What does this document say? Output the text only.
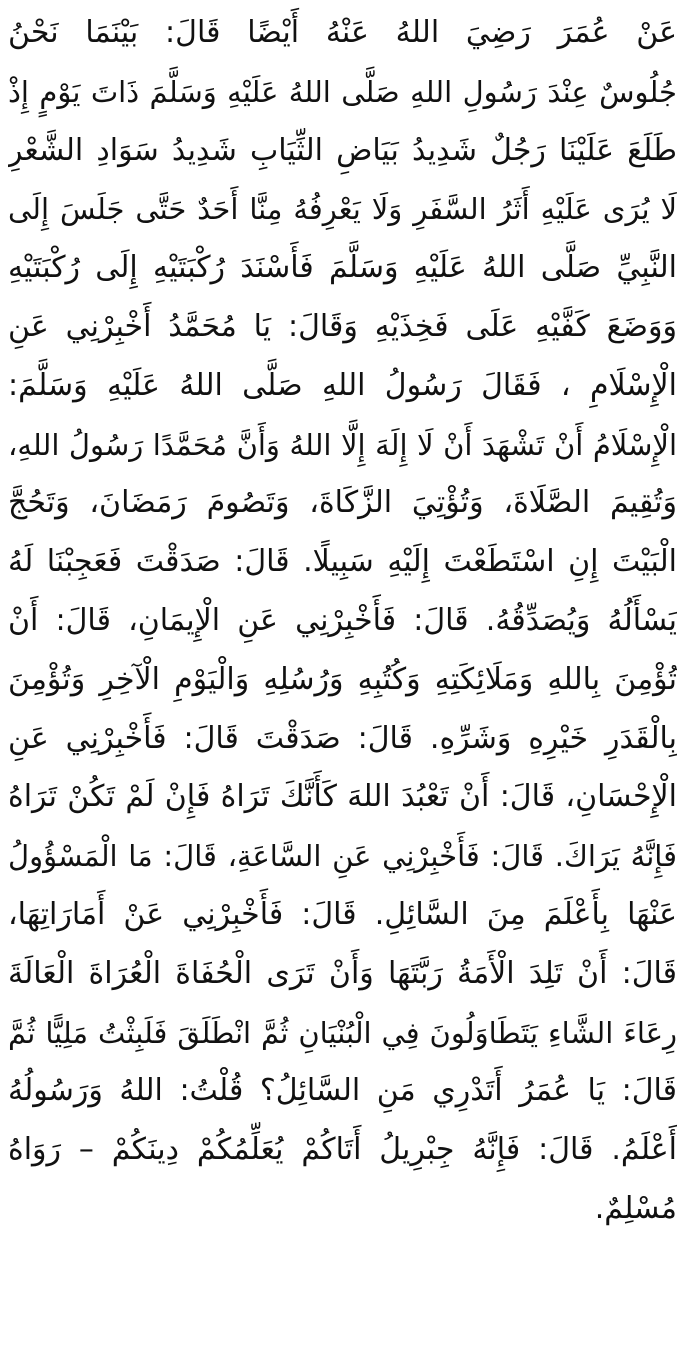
عَنْ عُمَرَ رَضِيَ اللهُ عَنْهُ أَيْضًا قَالَ: بَيْنَمَا نَحْنُ
جُلُوسٌ عِنْدَ رَسُولِ اللهِ صَلَّى اللهُ عَلَيْهِ وَسَلَّمَ ذَاتَ يَوْمٍ إِذْ
طَلَعَ عَلَيْنَا رَجُلٌ شَدِيدُ بَيَاضِ الثِّيَابِ شَدِيدُ سَوَادِ الشَّعْرِ
لَا يُرَى عَلَيْهِ أَثَرُ السَّفَرِ وَلَا يَعْرِفُهُ مِنَّا أَحَدٌ حَتَّى جَلَسَ إِلَى
النَّبِيِّ صَلَّى اللهُ عَلَيْهِ وَسَلَّمَ فَأَسْنَدَ رُكْبَتَيْهِ إِلَى رُكْبَتَيْهِ
وَوَضَعَ كَفَّيْهِ عَلَى فَخِذَيْهِ وَقَالَ: يَا مُحَمَّدُ أَخْبِرْنِي عَنِ
الْإِسْلَامِ ، فَقَالَ رَسُولُ اللهِ صَلَّى اللهُ عَلَيْهِ وَسَلَّمَ:
الْإِسْلَامُ أَنْ تَشْهَدَ أَنْ لَا إِلَهَ إِلَّا اللهُ وَأَنَّ مُحَمَّدًا رَسُولُ اللهِ،
وَتُقِيمَ الصَّلَاةَ، وَتُؤْتِيَ الزَّكَاةَ، وَتَصُومَ رَمَضَانَ، وَتَحُجَّ
الْبَيْتَ إِنِ اسْتَطَعْتَ إِلَيْهِ سَبِيلًا. قَالَ: صَدَقْتَ فَعَجِبْنَا لَهُ
يَسْأَلُهُ وَيُصَدِّقُهُ. قَالَ: فَأَخْبِرْنِي عَنِ الْإِيمَانِ، قَالَ: أَنْ
تُؤْمِنَ بِاللهِ وَمَلَائِكَتِهِ وَكُتُبِهِ وَرُسُلِهِ وَالْيَوْمِ الْآخِرِ وَتُؤْمِنَ
بِالْقَدَرِ خَيْرِهِ وَشَرِّهِ. قَالَ: صَدَقْتَ قَالَ: فَأَخْبِرْنِي عَنِ
الْإِحْسَانِ، قَالَ: أَنْ تَعْبُدَ اللهَ كَأَنَّكَ تَرَاهُ فَإِنْ لَمْ تَكُنْ تَرَاهُ
فَإِنَّهُ يَرَاكَ. قَالَ: فَأَخْبِرْنِي عَنِ السَّاعَةِ، قَالَ: مَا الْمَسْؤُولُ
عَنْهَا بِأَعْلَمَ مِنَ السَّائِلِ. قَالَ: فَأَخْبِرْنِي عَنْ أَمَارَاتِهَا،
قَالَ: أَنْ تَلِدَ الْأَمَةُ رَبَّتَهَا وَأَنْ تَرَى الْحُفَاةَ الْعُرَاةَ الْعَالَةَ
رِعَاءَ الشَّاءِ يَتَطَاوَلُونَ فِي الْبُنْيَانِ ثُمَّ انْطَلَقَ فَلَبِثْتُ مَلِيًّا ثُمَّ
قَالَ: يَا عُمَرُ أَتَدْرِي مَنِ السَّائِلُ؟ قُلْتُ: اللهُ وَرَسُولُهُ
أَعْلَمُ. قَالَ: فَإِنَّهُ جِبْرِيلُ أَتَاكُمْ يُعَلِّمُكُمْ دِينَكُمْ – رَوَاهُ
مُسْلِمٌ.
